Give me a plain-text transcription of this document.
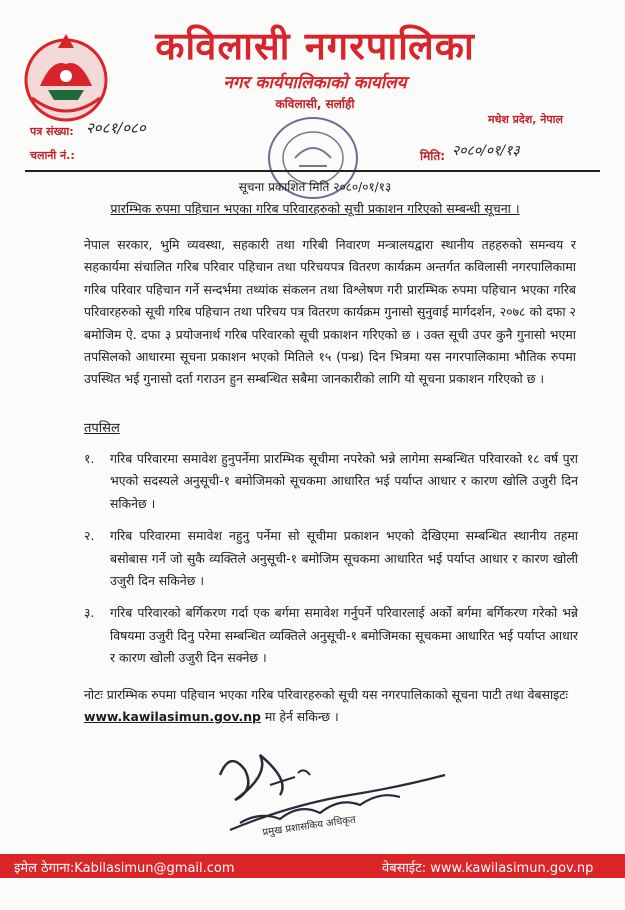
कविलासी नगरपालिका
नगर कार्यपालिकाको कार्यालय
कविलासी, सर्लाही
पत्र संख्या: २०८१/०८०
चलानी नं.:
मधेश प्रदेश, नेपाल
मिति: २०८०/०१/१३
सूचना प्रकाशित मिति २०८०/०१/१३
प्रारम्भिक रुपमा पहिचान भएका गरिब परिवारहरुको सूची प्रकाशन गरिएको सम्बन्धी सूचना ।
नेपाल सरकार, भुमि व्यवस्था, सहकारी तथा गरिबी निवारण मन्त्रालयद्वारा स्थानीय तहहरुको समन्वय र सहकार्यमा संचालित गरिब परिवार पहिचान तथा परिचयपत्र वितरण कार्यक्रम अन्तर्गत कविलासी नगरपालिकामा गरिब परिवार पहिचान गर्ने सन्दर्भमा तथ्यांक संकलन तथा विश्लेषण गरी प्रारम्भिक रुपमा पहिचान भएका गरिब परिवारहरुको सूची गरिब पहिचान तथा परिचय पत्र वितरण कार्यक्रम गुनासो सुनुवाई मार्गदर्शन, २०७८ को दफा २ बमोजिम ऐ. दफा ३ प्रयोजनार्थ गरिब परिवारको सूची प्रकाशन गरिएको छ । उक्त सूची उपर कुनै गुनासो भएमा तपसिलको आधारमा सूचना प्रकाशन भएको मितिले १५ (पन्ध्र) दिन भित्रमा यस नगरपालिकामा भौतिक रुपमा उपस्थित भई गुनासो दर्ता गराउन हुन सम्बन्धित सबैमा जानकारीको लागि यो सूचना प्रकाशन गरिएको छ ।
तपसिल
१.	गरिब परिवारमा समावेश हुनुपर्नेमा प्रारम्भिक सूचीमा नपरेको भन्ने लागेमा सम्बन्धित परिवारको १८ वर्ष पुरा भएको सदस्यले अनुसूची-१ बमोजिमको सूचकमा आधारित भई पर्याप्त आधार र कारण खोलि उजुरी दिन सकिनेछ ।
२.	गरिब परिवारमा समावेश नहुनु पर्नेमा सो सूचीमा प्रकाशन भएको देखिएमा सम्बन्धित स्थानीय तहमा बसोबास गर्ने जो सुकै व्यक्तिले अनुसूची-१ बमोजिम सूचकमा आधारित भई पर्याप्त आधार र कारण खोली उजुरी दिन सकिनेछ ।
३.	गरिब परिवारको बर्गिकरण गर्दा एक बर्गमा समावेश गर्नुपर्ने परिवारलाई अर्को बर्गमा बर्गिकरण गरेको भन्ने विषयमा उजुरी दिनु परेमा सम्बन्धित व्यक्तिले अनुसूची-१ बमोजिमका सूचकमा आधारित भई पर्याप्त आधार र कारण खोली उजुरी दिन सक्नेछ ।
नोटः प्रारम्भिक रुपमा पहिचान भएका गरिब परिवारहरुको सूची यस नगरपालिकाको सूचना पाटी तथा वेबसाइटः www.kawilasimun.gov.np मा हेर्न सकिन्छ ।
प्रमुख प्रशासकिय अधिकृत
इमेल ठेगाना:Kabilasimun@gmail.com	वेबसाईट: www.kawilasimun.gov.np
